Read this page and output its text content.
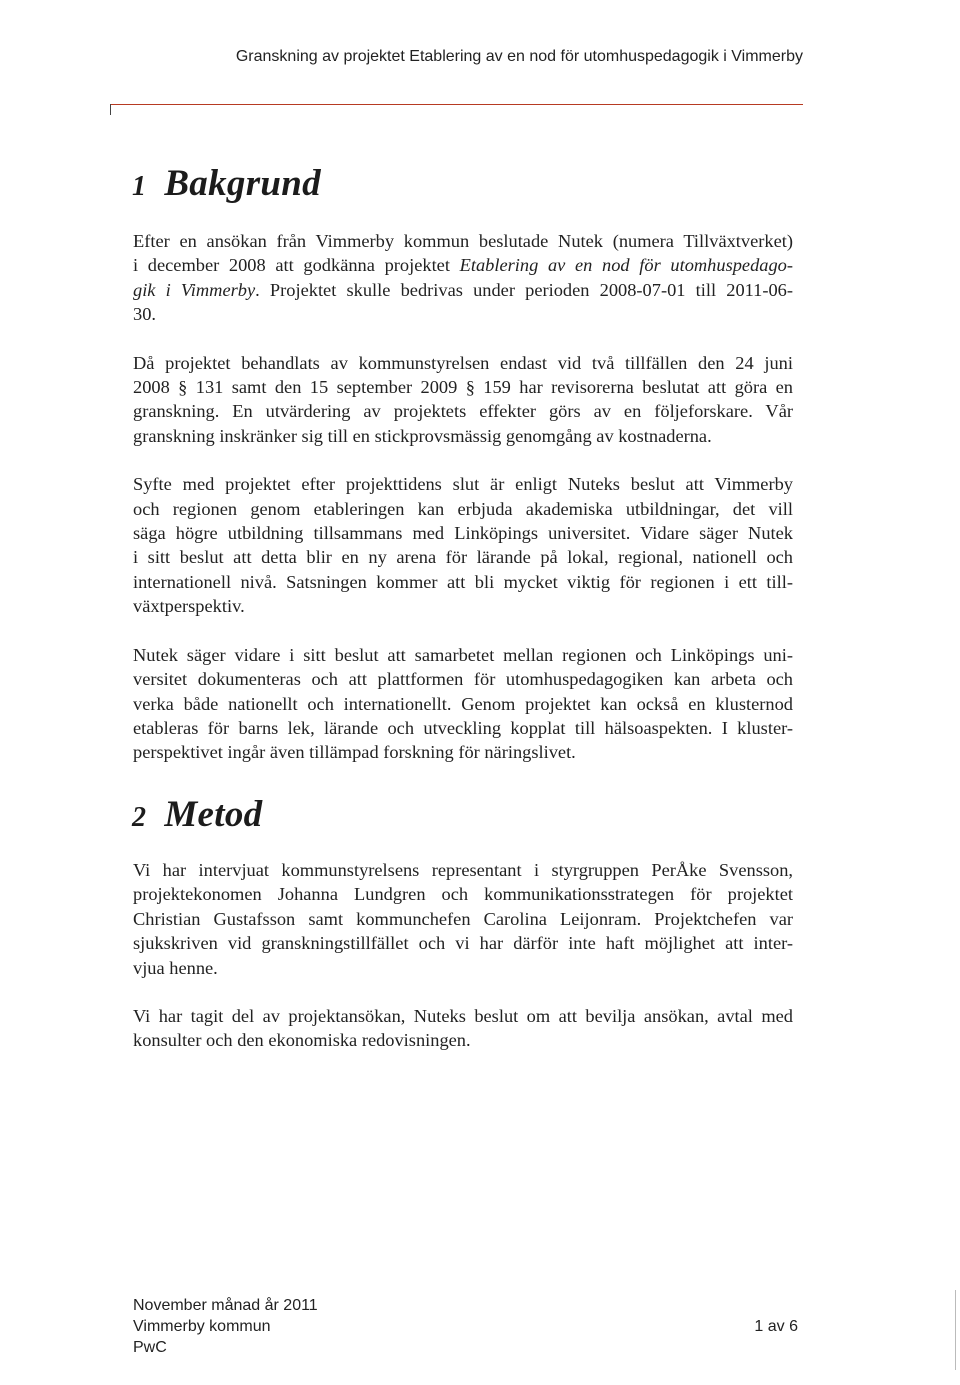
Granskning av projektet Etablering av en nod för utomhuspedagogik i Vimmerby
1 Bakgrund

Efter en ansökan från Vimmerby kommun beslutade Nutek (numera Tillväxtverket)
i december 2008 att godkänna projektet Etablering av en nod för utomhuspedago-
gik i Vimmerby. Projektet skulle bedrivas under perioden 2008-07-01 till 2011-06-
30.

Då projektet behandlats av kommunstyrelsen endast vid två tillfällen den 24 juni
2008 § 131 samt den 15 september 2009 § 159 har revisorerna beslutat att göra en
granskning. En utvärdering av projektets effekter görs av en följeforskare. Vår
granskning inskränker sig till en stickprovsmässig genomgång av kostnaderna.

Syfte med projektet efter projekttidens slut är enligt Nuteks beslut att Vimmerby
och regionen genom etableringen kan erbjuda akademiska utbildningar, det vill
säga högre utbildning tillsammans med Linköpings universitet. Vidare säger Nutek
i sitt beslut att detta blir en ny arena för lärande på lokal, regional, nationell och
internationell nivå. Satsningen kommer att bli mycket viktig för regionen i ett till-
växtperspektiv.

Nutek säger vidare i sitt beslut att samarbetet mellan regionen och Linköpings uni-
versitet dokumenteras och att plattformen för utomhuspedagogiken kan arbeta och
verka både nationellt och internationellt. Genom projektet kan också en klusternod
etableras för barns lek, lärande och utveckling kopplat till hälsoaspekten. I kluster-
perspektivet ingår även tillämpad forskning för näringslivet.

2 Metod

Vi har intervjuat kommunstyrelsens representant i styrgruppen PerÅke Svensson,
projektekonomen Johanna Lundgren och kommunikationsstrategen för projektet
Christian Gustafsson samt kommunchefen Carolina Leijonram. Projektchefen var
sjukskriven vid granskningstillfället och vi har därför inte haft möjlighet att inter-
vjua henne.

Vi har tagit del av projektansökan, Nuteks beslut om att bevilja ansökan, avtal med
konsulter och den ekonomiska redovisningen.

November månad år 2011
Vimmerby kommun
PwC
1 av 6
